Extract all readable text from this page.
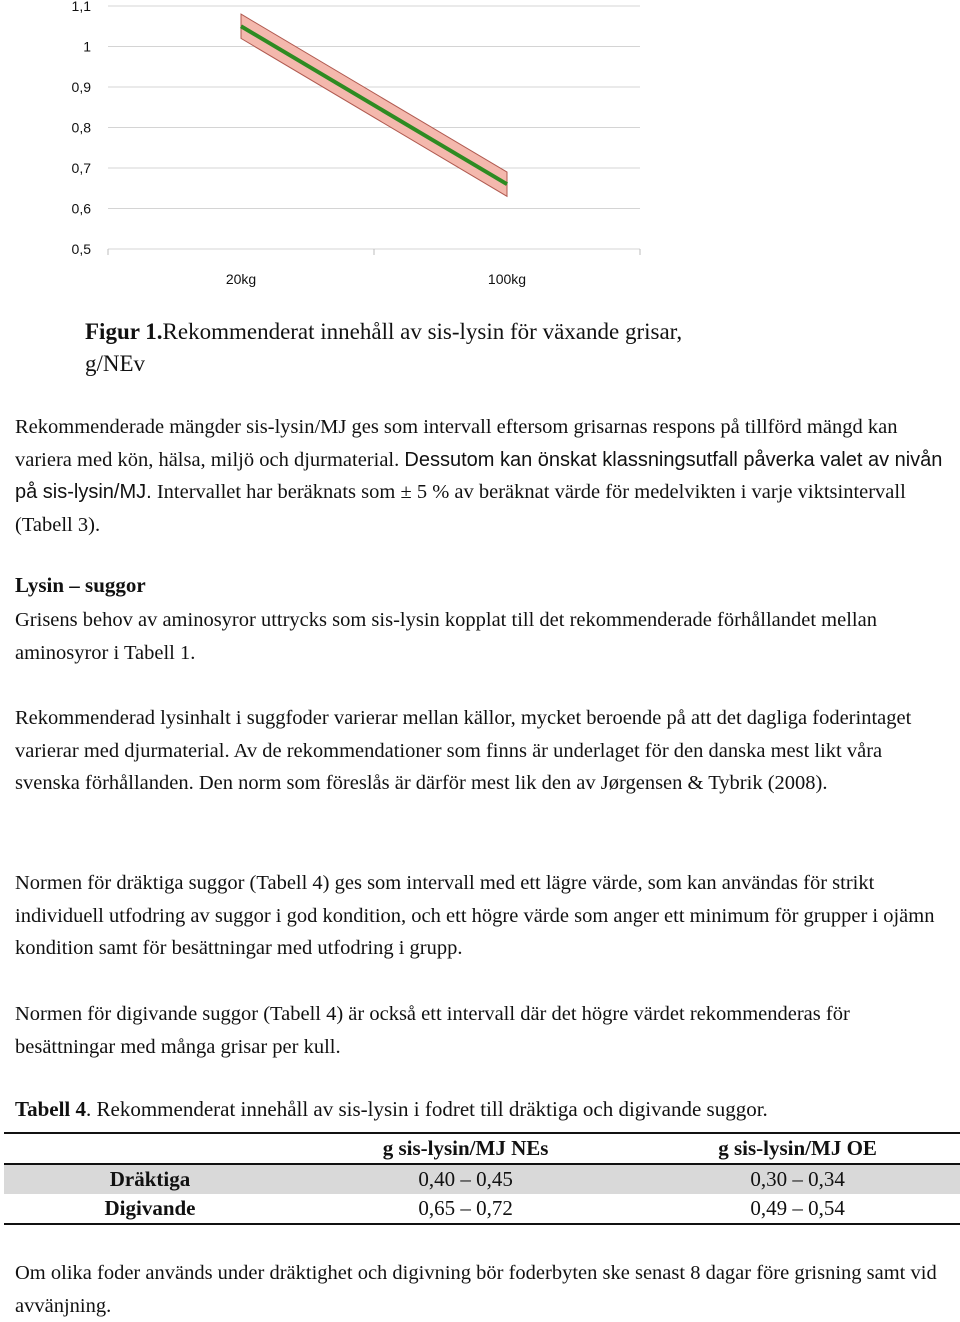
1,1
1
0,9
0,8
0,7
0,6
0,5
20kg	100kg
Figur 1.Rekommenderat innehåll av sis-lysin för växande grisar, g/NEv

Rekommenderade mängder sis-lysin/MJ ges som intervall eftersom grisarnas respons på tillförd mängd kan variera med kön, hälsa, miljö och djurmaterial. Dessutom kan önskat klassningsutfall påverka valet av nivån på sis-lysin/MJ. Intervallet har beräknats som ± 5 % av beräknat värde för medelvikten i varje viktsintervall (Tabell 3).

Lysin – suggor

Grisens behov av aminosyror uttrycks som sis-lysin kopplat till det rekommenderade förhållandet mellan aminosyror i Tabell 1.

Rekommenderad lysinhalt i suggfoder varierar mellan källor, mycket beroende på att det dagliga foderintaget varierar med djurmaterial. Av de rekommendationer som finns är underlaget för den danska mest likt våra svenska förhållanden. Den norm som föreslås är därför mest lik den av Jørgensen & Tybrik (2008).

Normen för dräktiga suggor (Tabell 4) ges som intervall med ett lägre värde, som kan användas för strikt individuell utfodring av suggor i god kondition, och ett högre värde som anger ett minimum för grupper i ojämn kondition samt för besättningar med utfodring i grupp.

Normen för digivande suggor (Tabell 4) är också ett intervall där det högre värdet rekommenderas för besättningar med många grisar per kull.

Tabell 4. Rekommenderat innehåll av sis-lysin i fodret till dräktiga och digivande suggor.
	g sis-lysin/MJ NEs	g sis-lysin/MJ OE
Dräktiga	0,40 – 0,45	0,30 – 0,34
Digivande	0,65 – 0,72	0,49 – 0,54

Om olika foder används under dräktighet och digivning bör foderbyten ske senast 8 dagar före grisning samt vid avvänjning.
